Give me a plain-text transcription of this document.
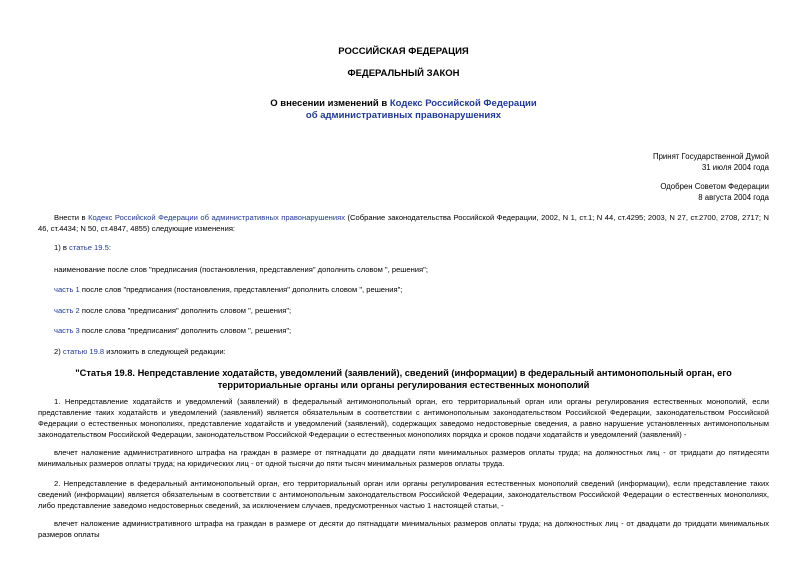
РОССИЙСКАЯ ФЕДЕРАЦИЯ
ФЕДЕРАЛЬНЫЙ ЗАКОН
О внесении изменений в Кодекс Российской Федерации
об административных правонарушениях
Принят Государственной Думой
31 июля 2004 года
Одобрен Советом Федерации
8 августа 2004 года
Внести в Кодекс Российской Федерации об административных правонарушениях (Собрание законодательства Российской Федерации, 2002, N 1, ст.1; N 44, ст.4295; 2003, N 27, ст.2700, 2708, 2717; N 46, ст.4434; N 50, ст.4847, 4855) следующие изменения:
1) в статье 19.5:
наименование после слов "предписания (постановления, представления" дополнить словом ", решения";
часть 1 после слов "предписания (постановления, представления" дополнить словом ", решения";
часть 2 после слова "предписания" дополнить словом ", решения";
часть 3 после слова "предписания" дополнить словом ", решения";
2) статью 19.8 изложить в следующей редакции:
"Статья 19.8. Непредставление ходатайств, уведомлений (заявлений), сведений (информации) в федеральный антимонопольный орган, его территориальные органы или органы регулирования естественных монополий
1. Непредставление ходатайств и уведомлений (заявлений) в федеральный антимонопольный орган, его территориальный орган или органы регулирования естественных монополий, если представление таких ходатайств и уведомлений (заявлений) является обязательным в соответствии с антимонопольным законодательством Российской Федерации, законодательством Российской Федерации о естественных монополиях, представление ходатайств и уведомлений (заявлений), содержащих заведомо недостоверные сведения, а равно нарушение установленных антимонопольным законодательством Российской Федерации, законодательством Российской Федерации о естественных монополиях порядка и сроков подачи ходатайств и уведомлений (заявлений) -
влечет наложение административного штрафа на граждан в размере от пятнадцати до двадцати пяти минимальных размеров оплаты труда; на должностных лиц - от тридцати до пятидесяти минимальных размеров оплаты труда; на юридических лиц - от одной тысячи до пяти тысяч минимальных размеров оплаты труда.
2. Непредставление в федеральный антимонопольный орган, его территориальный орган или органы регулирования естественных монополий сведений (информации), если представление таких сведений (информации) является обязательным в соответствии с антимонопольным законодательством Российской Федерации, законодательством Российской Федерации о естественных монополиях, либо представление заведомо недостоверных сведений, за исключением случаев, предусмотренных частью 1 настоящей статьи, -
влечет наложение административного штрафа на граждан в размере от десяти до пятнадцати минимальных размеров оплаты труда; на должностных лиц - от двадцати до тридцати минимальных размеров оплаты
